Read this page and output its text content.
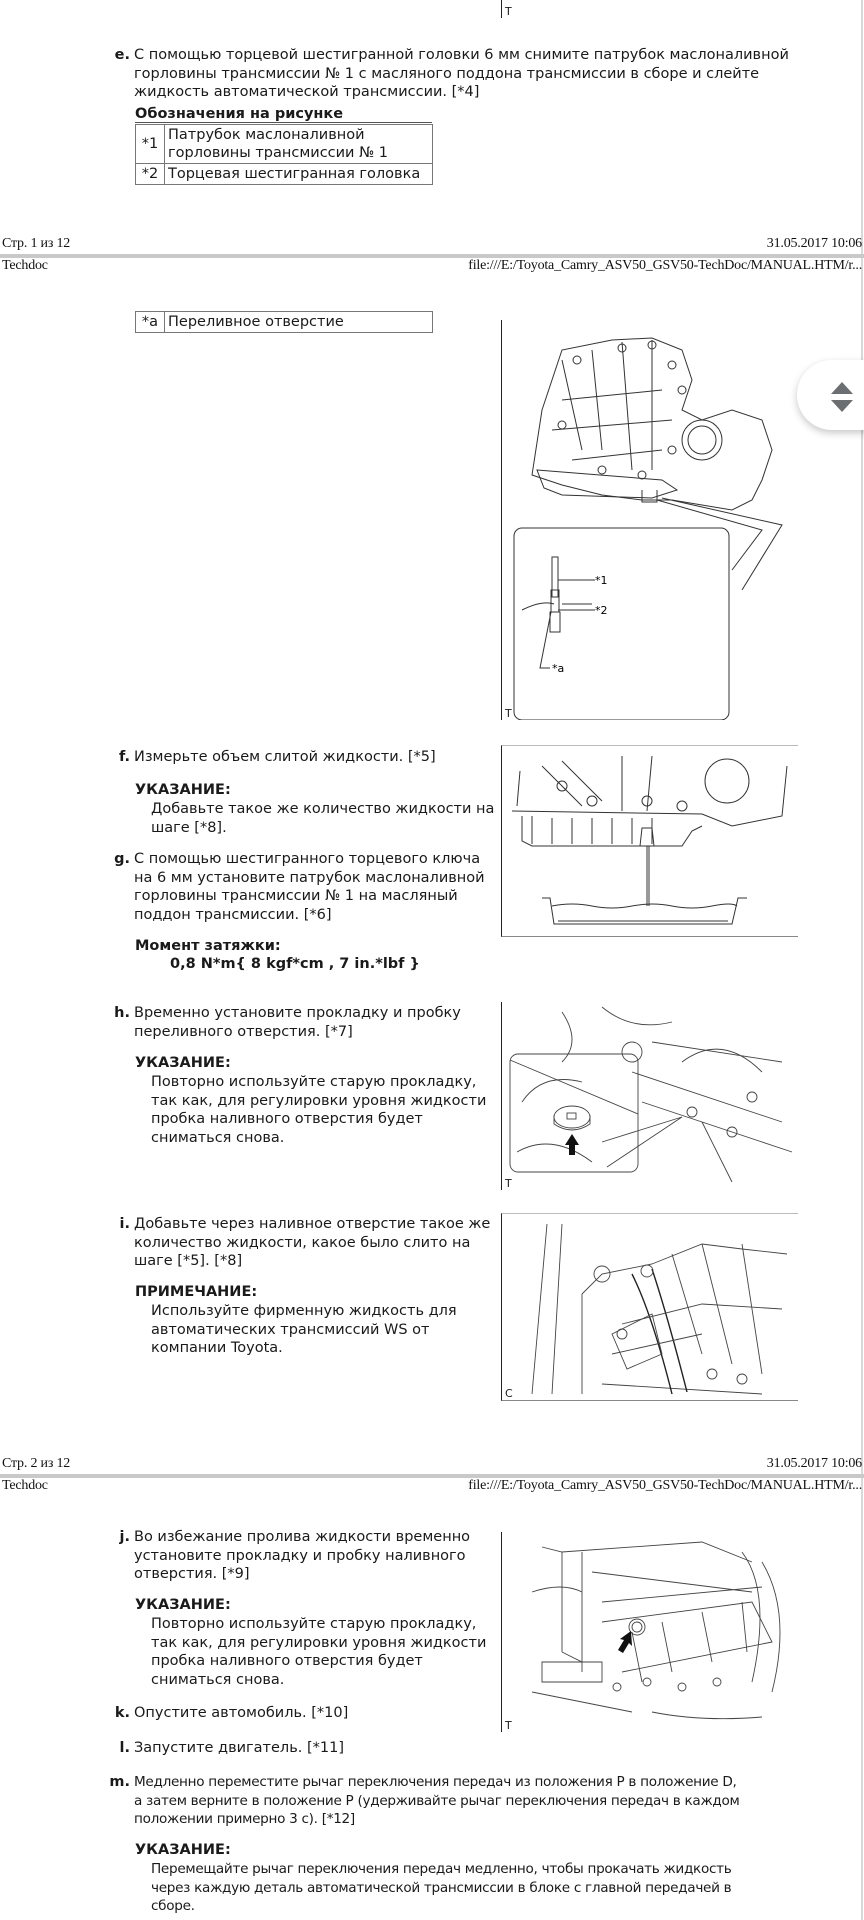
T
e. С помощью торцевой шестигранной головки 6 мм снимите патрубок маслоналивной
горловины трансмиссии № 1 с масляного поддона трансмиссии в сборе и слейте
жидкость автоматической трансмиссии. [*4]
Обозначения на рисунке
*1	Патрубок маслоналивной
горловины трансмиссии № 1

*2	Торцевая шестигранная головка
Стр. 1 из 12	31.05.2017 10:06
Techdoc	file:///E:/Toyota_Camry_ASV50_GSV50-TechDoc/MANUAL.HTM/r...
*a	Переливное отверстие
*1
*2
*a
T
f. Измерьте объем слитой жидкости. [*5]
УКАЗАНИЕ:
Добавьте такое же количество жидкости на
шаге [*8].
g. С помощью шестигранного торцевого ключа
на 6 мм установите патрубок маслоналивной
горловины трансмиссии № 1 на масляный
поддон трансмиссии. [*6]
Момент затяжки:
0,8 N*m{ 8 kgf*cm , 7 in.*lbf }
h. Временно установите прокладку и пробку
переливного отверстия. [*7]
УКАЗАНИЕ:
Повторно используйте старую прокладку,
так как, для регулировки уровня жидкости
пробка наливного отверстия будет
сниматься снова.
T
i. Добавьте через наливное отверстие такое же
количество жидкости, какое было слито на
шаге [*5]. [*8]
ПРИМЕЧАНИЕ:
Используйте фирменную жидкость для
автоматических трансмиссий WS от
компании Toyota.
C
Стр. 2 из 12	31.05.2017 10:06
Techdoc	file:///E:/Toyota_Camry_ASV50_GSV50-TechDoc/MANUAL.HTM/r...
j. Во избежание пролива жидкости временно
установите прокладку и пробку наливного
отверстия. [*9]
УКАЗАНИЕ:
Повторно используйте старую прокладку,
так как, для регулировки уровня жидкости
пробка наливного отверстия будет
сниматься снова.
T
k. Опустите автомобиль. [*10]
l. Запустите двигатель. [*11]
m. Медленно переместите рычаг переключения передач из положения P в положение D,
а затем верните в положение P (удерживайте рычаг переключения передач в каждом
положении примерно 3 с). [*12]
УКАЗАНИЕ:
Перемещайте рычаг переключения передач медленно, чтобы прокачать жидкость
через каждую деталь автоматической трансмиссии в блоке с главной передачей в
сборе.
